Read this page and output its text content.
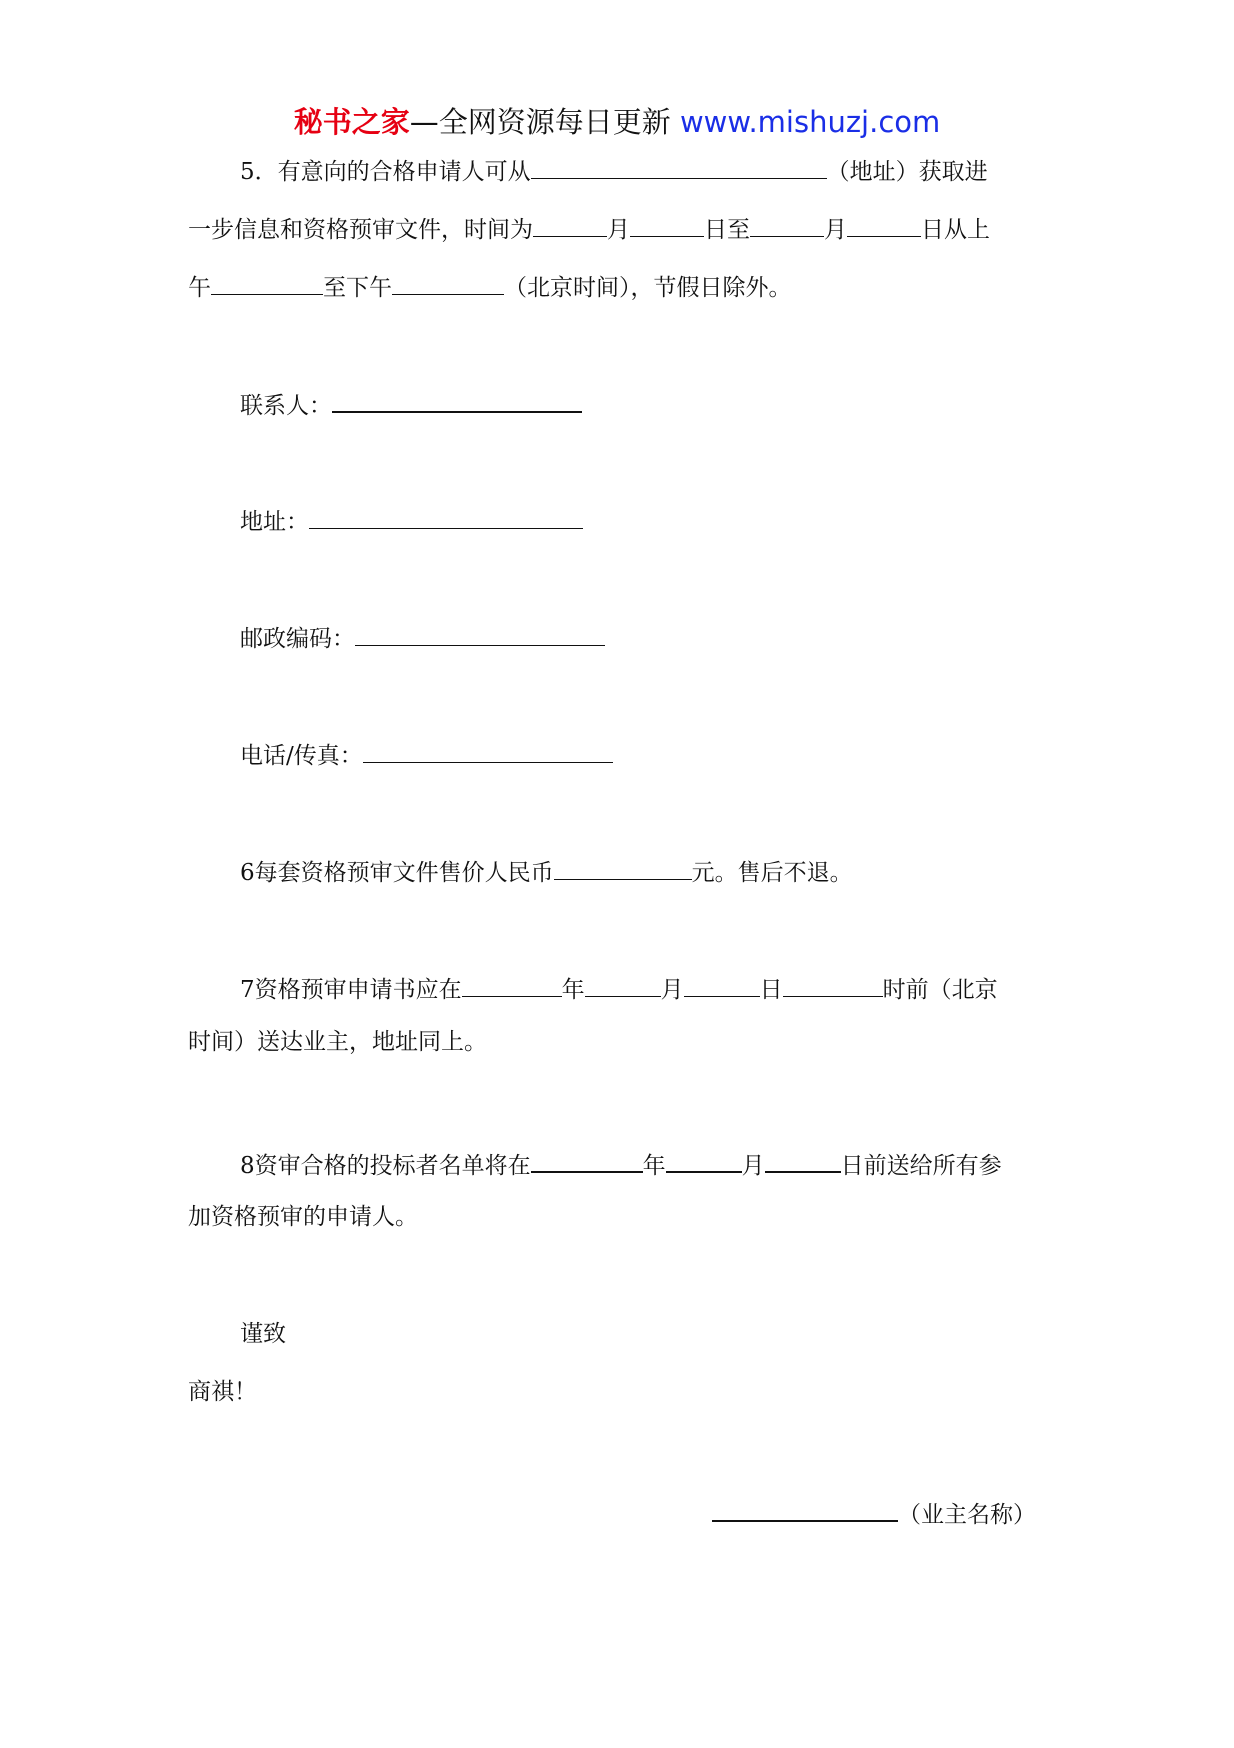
秘书之家—全网资源每日更新 www.mishuzj.com
5．有意向的合格申请人可从	（地址）获取进
一步信息和资格预审文件，时间为	月	日至	月	日从上
午	至下午	（北京时间），节假日除外。
联系人：
地址：
邮政编码：
电话/传真：
6每套资格预审文件售价人民币	元。售后不退。
7资格预审申请书应在	年	月	日	时前（北京
时间）送达业主，地址同上。
8资审合格的投标者名单将在	年	月	日前送给所有参
加资格预审的申请人。
谨致
商祺！
（业主名称）
